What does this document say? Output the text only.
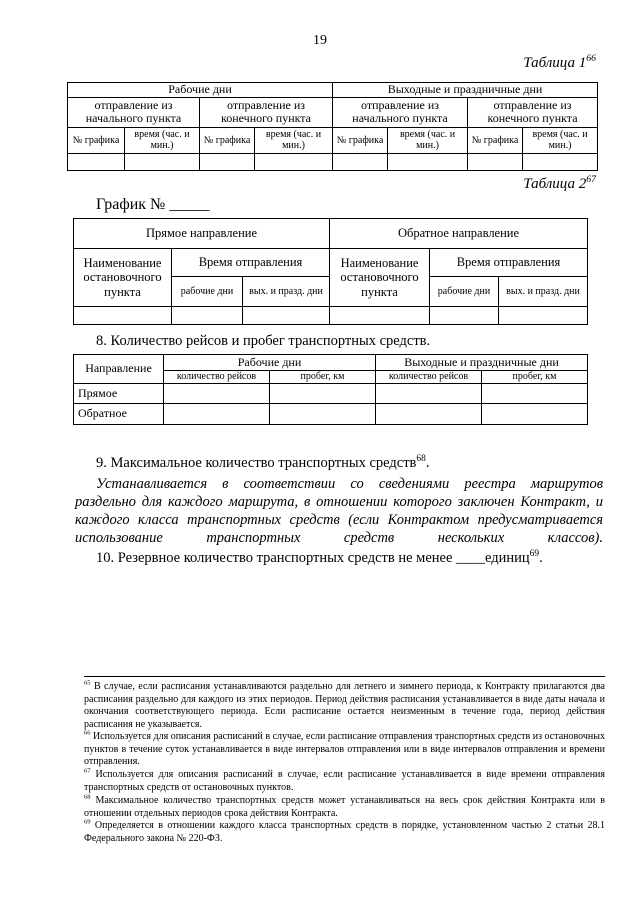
19
Таблица $1^{66}$
Рабочие дни				Выходные и праздничные дни			
отправление из начального пункта		отправление из конечного пункта		отправление из начального пункта		отправление из конечного пункта	
№ графика	время (час. и мин.)	№ графика	время (час. и мин.)	№ графика	время (час. и мин.)	№ графика	время (час. и мин.)

Таблица $2^{67}$
График № _____
Прямое направление			Обратное направление		
Наименование остановочного пункта	Время отправления		Наименование остановочного пункта	Время отправления	
	рабочие дни	вых. и празд. дни		рабочие дни	вых. и празд. дни

8. Количество рейсов и пробег транспортных средств.
Направление	Рабочие дни		Выходные и праздничные дни	
	количество рейсов	пробег, км	количество рейсов	пробег, км
Прямое				
Обратное				
9. Максимальное количество транспортных средств$^{68}$.
Устанавливается в соответствии со сведениями реестра маршрутов
раздельно для каждого маршрута, в отношении которого заключен Контракт, и
каждого класса транспортных средств (если Контрактом предусматривается
использование транспортных средств нескольких классов).
10. Резервное количество транспортных средств не менее ____единиц$^{69}$.
$^{65}$ В случае, если расписания устанавливаются раздельно для летнего и зимнего периода, к Контракту прилагаются два расписания раздельно для каждого из этих периодов. Период действия расписания устанавливается в виде даты начала и окончания соответствующего периода. Если расписание остается неизменным в течение года, период действия расписания не указывается.
$^{66}$ Используется для описания расписаний в случае, если расписание отправления транспортных средств из остановочных пунктов в течение суток устанавливается в виде интервалов отправления или в виде интервалов отправления и времени отправления.
$^{67}$ Используется для описания расписаний в случае, если расписание устанавливается в виде времени отправления транспортных средств от остановочных пунктов.
$^{68}$ Максимальное количество транспортных средств может устанавливаться на весь срок действия Контракта или в отношении отдельных периодов срока действия Контракта.
$^{69}$ Определяется в отношении каждого класса транспортных средств в порядке, установленном частью 2 статьи 28.1 Федерального закона № 220-ФЗ.
